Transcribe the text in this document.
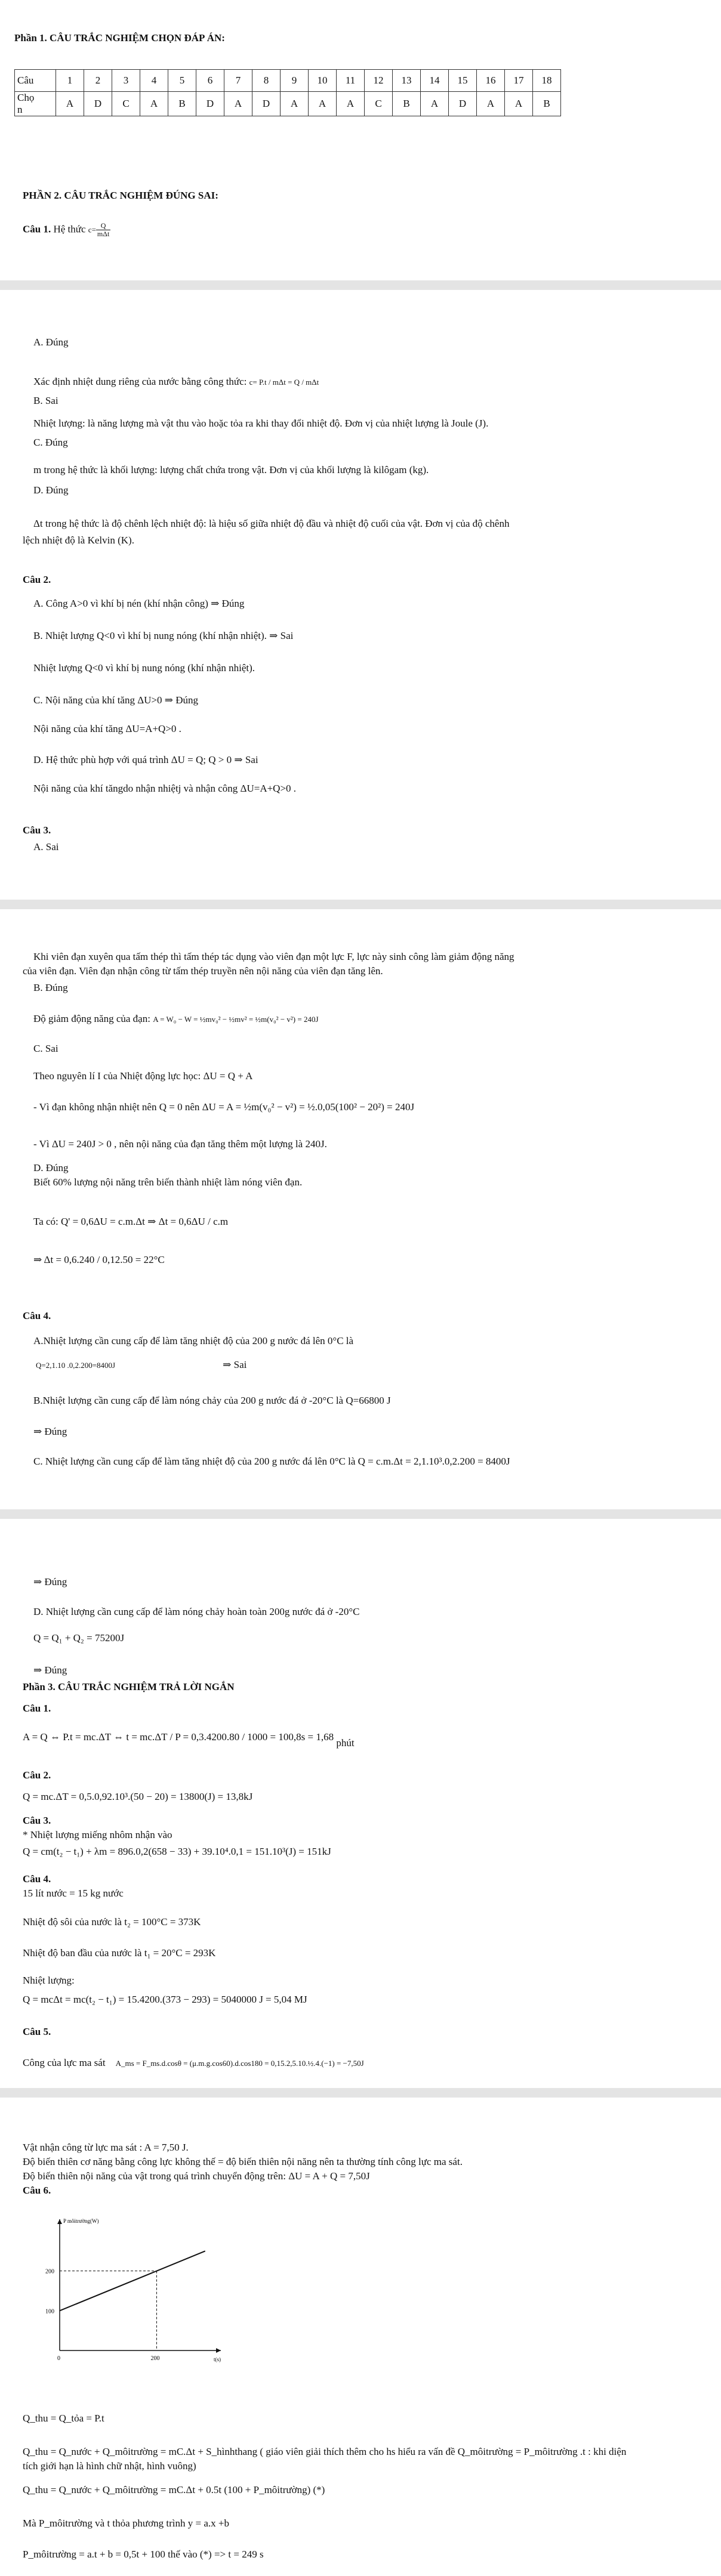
Phần 1. CÂU TRẮC NGHIỆM CHỌN ĐÁP ÁN:
Câu	1	2	3	4	5	6	7	8	9	10	11	12	13	14	15	16	17	18
Chọ
n	A	D	C	A	B	D	A	D	A	A	A	C	B	A	D	A	A	B
PHẦN 2. CÂU TRẮC NGHIỆM ĐÚNG SAI:
Câu 1. Hệ thức $c= \frac{Q}{\text{mΔt}}$
A. Đúng
Xác định nhiệt dung riêng của nước bằng công thức: c= P.t / mΔt = Q / mΔt
B. Sai
Nhiệt lượng: là năng lượng mà vật thu vào hoặc tỏa ra khi thay đổi nhiệt độ. Đơn vị của nhiệt lượng là Joule (J).
C. Đúng
m trong hệ thức là khối lượng: lượng chất chứa trong vật. Đơn vị của khối lượng là kilôgam (kg).
D. Đúng
Δt trong hệ thức là độ chênh lệch nhiệt độ: là hiệu số giữa nhiệt độ đầu và nhiệt độ cuối của vật. Đơn vị của độ chênh
lệch nhiệt độ là Kelvin (K).
Câu 2.
A. Công A>0 vì khí bị nén (khí nhận công) ⇒ Đúng
B. Nhiệt lượng Q<0 vì khí bị nung nóng (khí nhận nhiệt). ⇒ Sai
Nhiệt lượng Q<0 vì khí bị nung nóng (khí nhận nhiệt).
C. Nội năng của khí tăng ΔU>0 ⇒ Đúng
Nội năng của khí tăng ΔU=A+Q>0 .
D. Hệ thức phù hợp với quá trình ΔU = Q; Q > 0 ⇒ Sai
Nội năng của khí tăngdo nhận nhiệtj và nhận công ΔU=A+Q>0 .
Câu 3.
A. Sai
Khi viên đạn xuyên qua tấm thép thì tấm thép tác dụng vào viên đạn một lực F, lực này sinh công làm giảm động năng
của viên đạn. Viên đạn nhận công từ tấm thép truyền nên nội năng của viên đạn tăng lên.
B. Đúng
Độ giảm động năng của đạn: A = W₀ − W = ½mv₀² − ½mv² = ½m(v₀² − v²) = 240J
C. Sai
Theo nguyên lí I của Nhiệt động lực học: ΔU = Q + A
- Vì đạn không nhận nhiệt nên Q = 0 nên ΔU = A = ½m(v₀² − v²) = ½.0,05(100² − 20²) = 240J
- Vì ΔU = 240J > 0 , nên nội năng của đạn tăng thêm một lượng là 240J.
D. Đúng
Biết 60% lượng nội năng trên biến thành nhiệt làm nóng viên đạn.
Ta có: Q' = 0,6ΔU = c.m.Δt ⇒ Δt = 0,6ΔU / c.m
⇒ Δt = 0,6.240 / 0,12.50 = 22°C
Câu 4.
A.Nhiệt lượng cần cung cấp để làm tăng nhiệt độ của 200 g nước đá lên 0°C là
Q=2,1.10 .0,2.200=8400J	⇒ Sai
B.Nhiệt lượng cần cung cấp để làm nóng chảy của 200 g nước đá ở -20°C là Q=66800 J
⇒ Đúng
C. Nhiệt lượng cần cung cấp để làm tăng nhiệt độ của 200 g nước đá lên 0°C là Q = c.m.Δt = 2,1.10³.0,2.200 = 8400J
⇒ Đúng
D. Nhiệt lượng cần cung cấp để làm nóng chảy hoàn toàn 200g nước đá ở -20°C
Q = Q₁ + Q₂ = 75200J
⇒ Đúng
Phần 3. CÂU TRẮC NGHIỆM TRẢ LỜI NGẮN
Câu 1.
A = Q ⇔ P.t = mc.ΔT ⇔ t = mc.ΔT / P = 0,3.4200.80 / 1000 = 100,8s = 1,68 phút
Câu 2.
Q = mc.ΔT = 0,5.0,92.10³.(50 − 20) = 13800(J) = 13,8kJ
Câu 3.
* Nhiệt lượng miếng nhôm nhận vào
Q = cm(t₂ − t₁) + λm = 896.0,2(658 − 33) + 39.10⁴.0,1 = 151.10³(J) = 151kJ
Câu 4.
15 lít nước = 15 kg nước
Nhiệt độ sôi của nước là t₂ = 100°C = 373K
Nhiệt độ ban đầu của nước là t₁ = 20°C = 293K
Nhiệt lượng:
Q = mcΔt = mc(t₂ − t₁) = 15.4200.(373 − 293) = 5040000 J = 5,04 MJ
Câu 5.
Công của lực ma sát A_ms = F_ms.d.cosθ = (μ.m.g.cos60).d.cos180 = 0,15.2,5.10.½.4.(−1) = −7,50J
Vật nhận công từ lực ma sát : A = 7,50 J.
Độ biến thiên cơ năng bằng công lực không thế = độ biến thiên nội năng nên ta thường tính công lực ma sát.
Độ biến thiên nội năng của vật trong quá trình chuyển động trên: ΔU = A + Q = 7,50J
Câu 6.
P môitrường(W)
t(s)
100
200
0	200
Q_thu = Q_tỏa = P.t
Q_thu = Q_nước + Q_môitrường = mC.Δt + S_hìnhthang ( giáo viên giải thích thêm cho hs hiểu ra vấn đề Q_môitrường = P_môitrường .t : khi diện
tích giới hạn là hình chữ nhật, hình vuông)
Q_thu = Q_nước + Q_môitrường = mC.Δt + 0.5t (100 + P_môitrường) (*)
Mà P_môitrường và t thỏa phương trình y = a.x +b
P_môitrường = a.t + b = 0,5t + 100 thế vào (*) => t = 249 s
